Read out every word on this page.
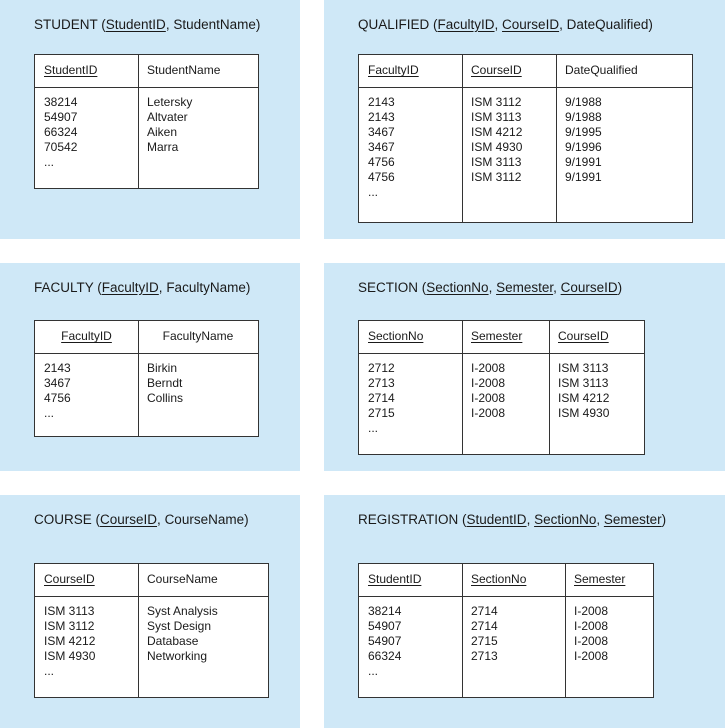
STUDENT (StudentID, StudentName)
StudentID
38214
54907
66324
70542
...
StudentName
Letersky
Altvater
Aiken
Marra
QUALIFIED (FacultyID, CourseID, DateQualified)
FacultyID
2143
2143
3467
3467
4756
4756
...
CourseID
ISM 3112
ISM 3113
ISM 4212
ISM 4930
ISM 3113
ISM 3112
DateQualified
9/1988
9/1988
9/1995
9/1996
9/1991
9/1991
FACULTY (FacultyID, FacultyName)
FacultyID
2143
3467
4756
...
FacultyName
Birkin
Berndt
Collins
SECTION (SectionNo, Semester, CourseID)
SectionNo
2712
2713
2714
2715
...
Semester
I-2008
I-2008
I-2008
I-2008
CourseID
ISM 3113
ISM 3113
ISM 4212
ISM 4930
COURSE (CourseID, CourseName)
CourseID
ISM 3113
ISM 3112
ISM 4212
ISM 4930
...
CourseName
Syst Analysis
Syst Design
Database
Networking
REGISTRATION (StudentID, SectionNo, Semester)
StudentID
38214
54907
54907
66324
...
SectionNo
2714
2714
2715
2713
Semester
I-2008
I-2008
I-2008
I-2008
